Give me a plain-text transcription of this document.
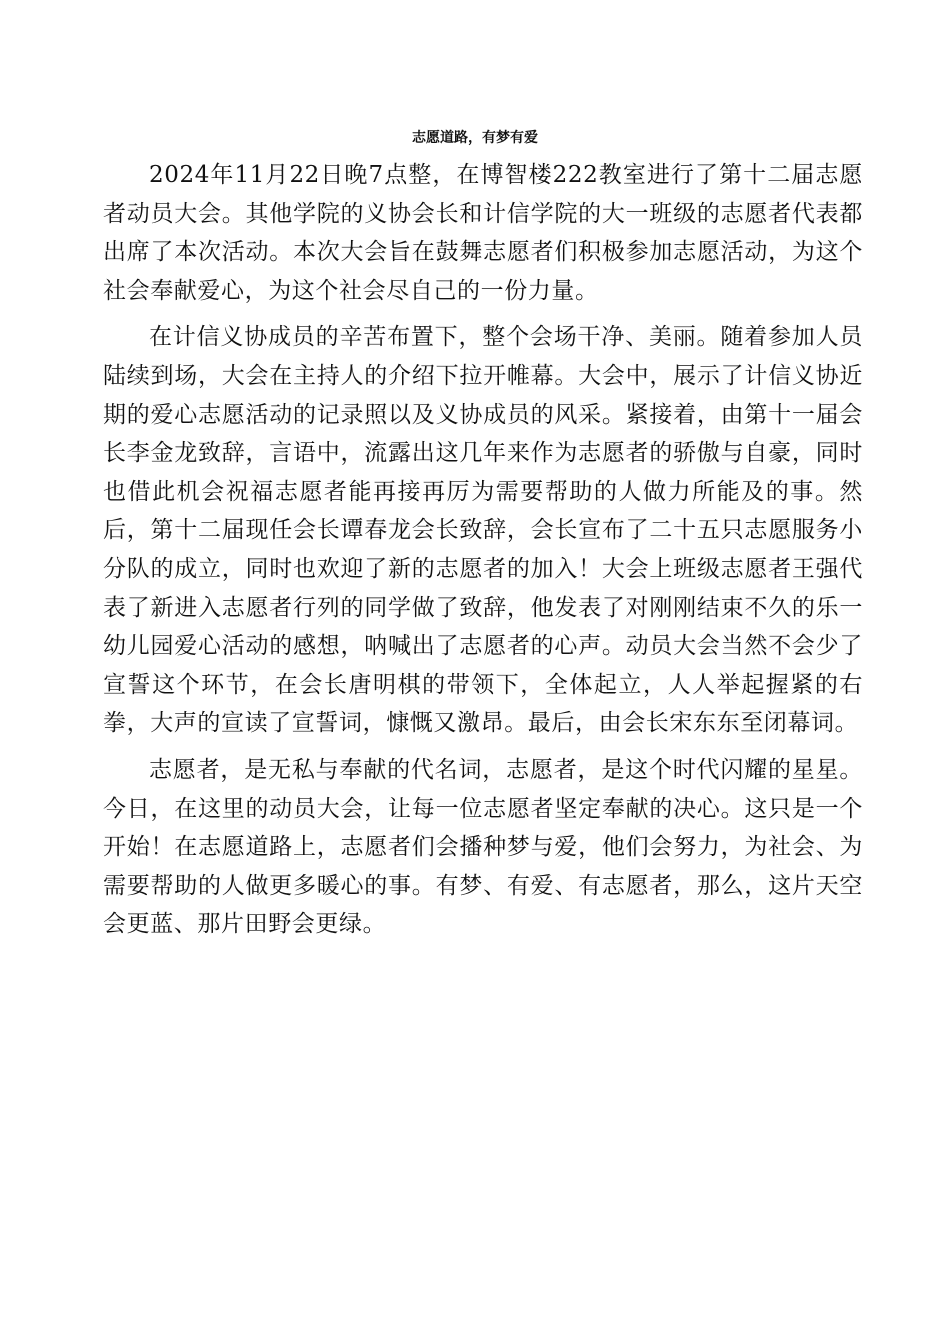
志愿道路，有梦有爱

2024年11月22日晚7点整，在博智楼222教室进行了第十二届志愿者动员大会。其他学院的义协会长和计信学院的大一班级的志愿者代表都出席了本次活动。本次大会旨在鼓舞志愿者们积极参加志愿活动，为这个社会奉献爱心，为这个社会尽自己的一份力量。

在计信义协成员的辛苦布置下，整个会场干净、美丽。随着参加人员陆续到场，大会在主持人的介绍下拉开帷幕。大会中，展示了计信义协近期的爱心志愿活动的记录照以及义协成员的风采。紧接着，由第十一届会长李金龙致辞，言语中，流露出这几年来作为志愿者的骄傲与自豪，同时也借此机会祝福志愿者能再接再厉为需要帮助的人做力所能及的事。然后，第十二届现任会长谭春龙会长致辞，会长宣布了二十五只志愿服务小分队的成立，同时也欢迎了新的志愿者的加入！大会上班级志愿者王强代表了新进入志愿者行列的同学做了致辞，他发表了对刚刚结束不久的乐一幼儿园爱心活动的感想，呐喊出了志愿者的心声。动员大会当然不会少了宣誓这个环节，在会长唐明棋的带领下，全体起立，人人举起握紧的右拳，大声的宣读了宣誓词，慷慨又激昂。最后，由会长宋东东至闭幕词。

志愿者，是无私与奉献的代名词，志愿者，是这个时代闪耀的星星。今日，在这里的动员大会，让每一位志愿者坚定奉献的决心。这只是一个开始！在志愿道路上，志愿者们会播种梦与爱，他们会努力，为社会、为需要帮助的人做更多暖心的事。有梦、有爱、有志愿者，那么，这片天空会更蓝、那片田野会更绿。
